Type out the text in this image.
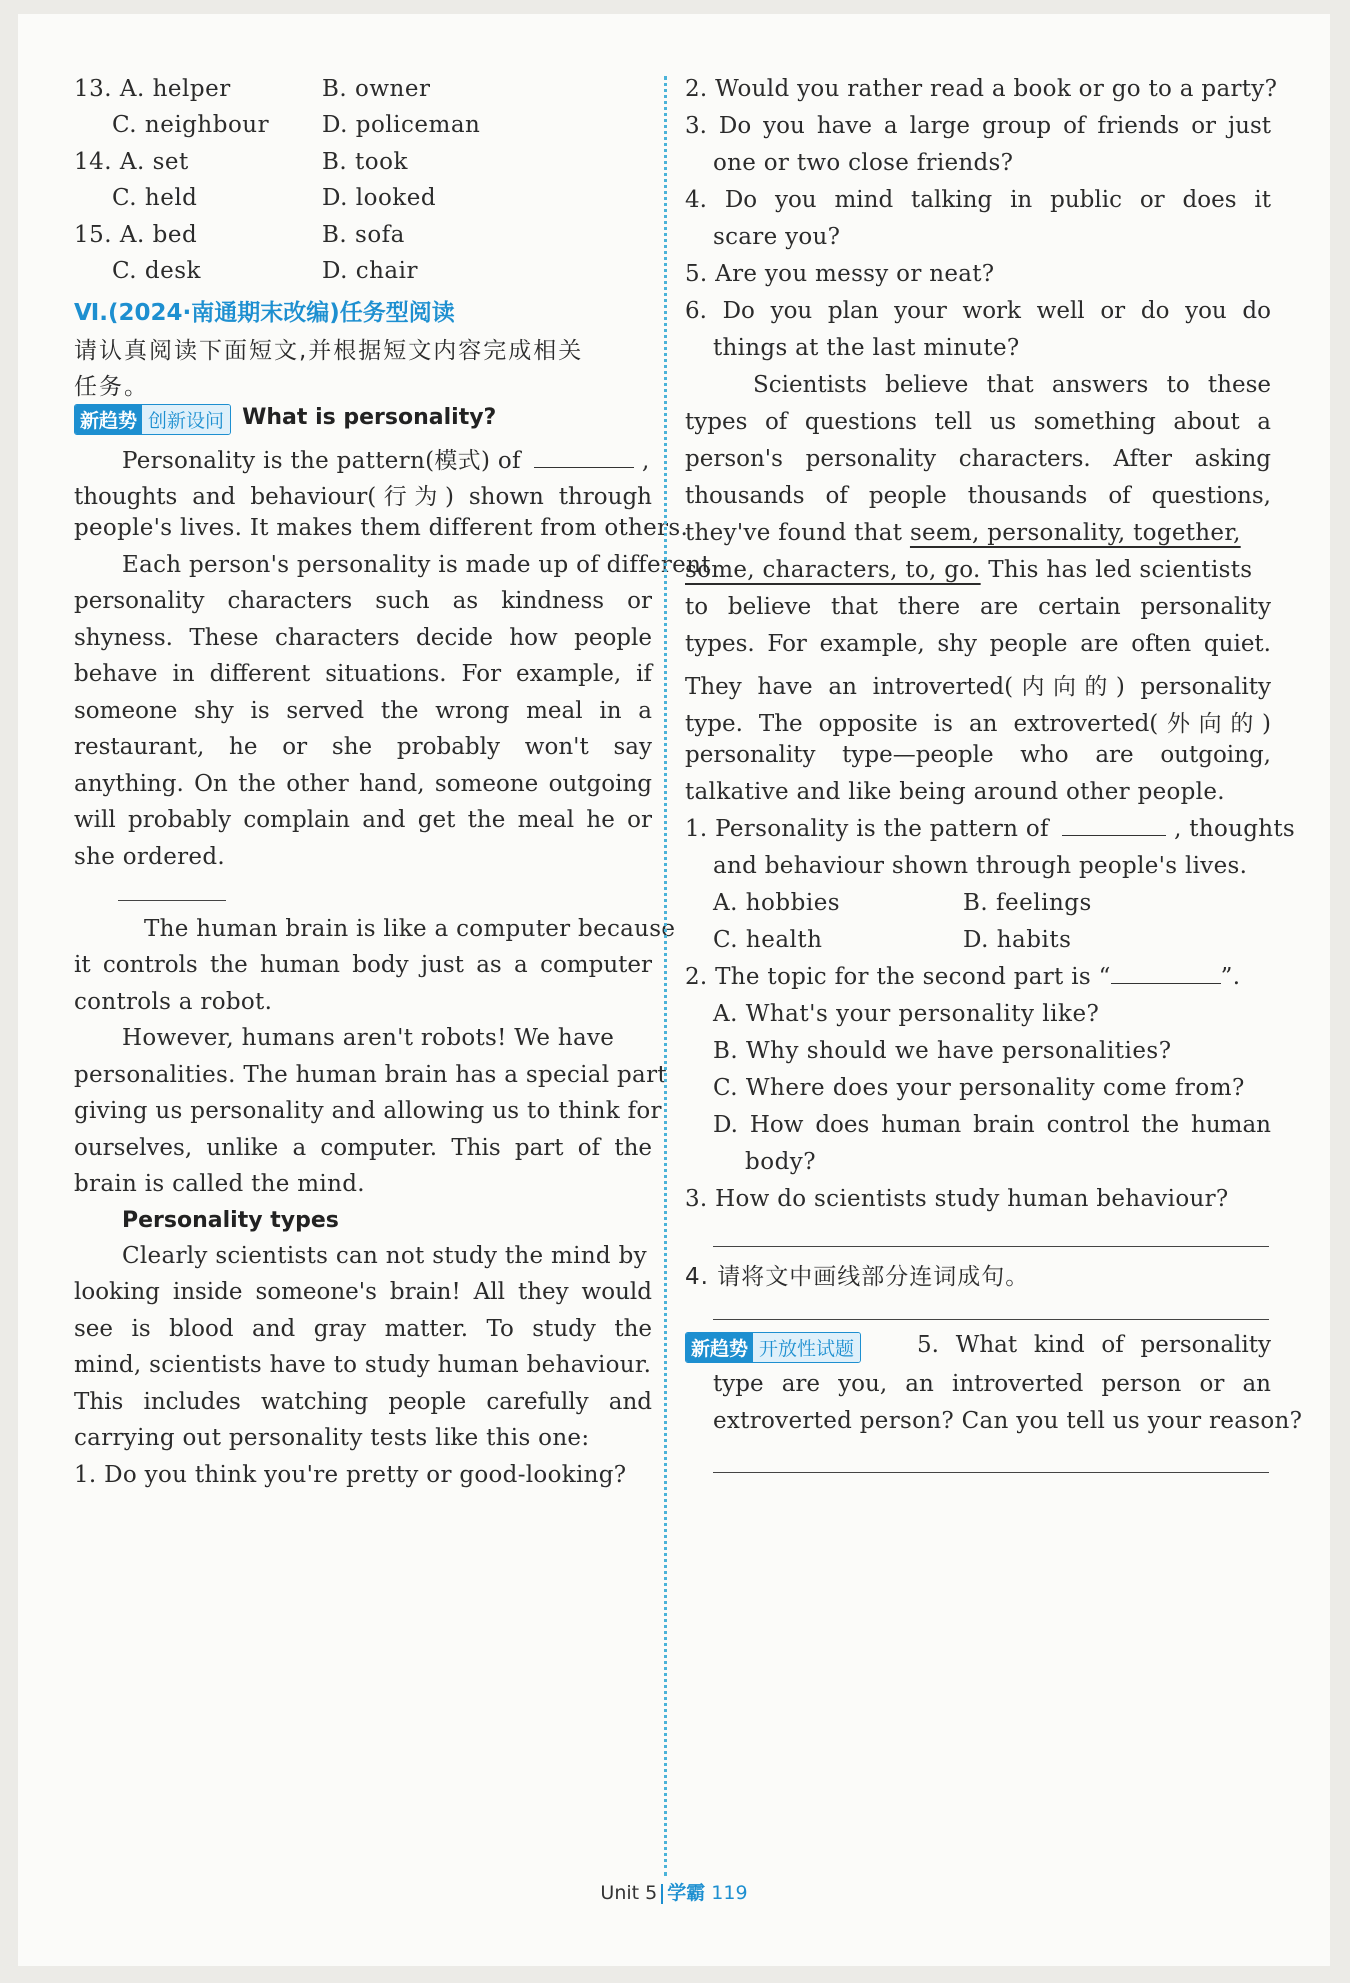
13. A. helper	B. owner
C. neighbour D. policeman
14. A. set	B. took
C. held	D. looked
15. A. bed	B. sofa
C. desk	D. chair
Ⅵ.(2024·南通期末改编)任务型阅读
请认真阅读下面短文,并根据短文内容完成相关
任务。
新趋势 创新设问 What is personality?
Personality is the pattern(模式) of	,
thoughts and behaviour(行为) shown through
people's lives. It makes them different from others.
Each person's personality is made up of different
personality characters such as kindness or
shyness. These characters decide how people
behave in different situations. For example, if
someone shy is served the wrong meal in a
restaurant, he or she probably won't say
anything. On the other hand, someone outgoing
will probably complain and get the meal he or
she ordered.
The human brain is like a computer because
it controls the human body just as a computer
controls a robot.
However, humans aren't robots! We have
personalities. The human brain has a special part
giving us personality and allowing us to think for
ourselves, unlike a computer. This part of the
brain is called the mind.
Personality types
Clearly scientists can not study the mind by
looking inside someone's brain! All they would
see is blood and gray matter. To study the
mind, scientists have to study human behaviour.
This includes watching people carefully and
carrying out personality tests like this one:
1. Do you think you're pretty or good-looking?
2. Would you rather read a book or go to a party?
3. Do you have a large group of friends or just
one or two close friends?
4. Do you mind talking in public or does it
scare you?
5. Are you messy or neat?
6. Do you plan your work well or do you do
things at the last minute?
Scientists believe that answers to these
types of questions tell us something about a
person's personality characters. After asking
thousands of people thousands of questions,
they've found that seem, personality, together,
some, characters, to, go. This has led scientists
to believe that there are certain personality
types. For example, shy people are often quiet.
They have an introverted(内向的) personality
type. The opposite is an extroverted(外向的)
personality type—people who are outgoing,
talkative and like being around other people.
1. Personality is the pattern of	, thoughts
and behaviour shown through people's lives.
A. hobbies	B. feelings
C. health	D. habits
2. The topic for the second part is “	”.
A. What's your personality like?
B. Why should we have personalities?
C. Where does your personality come from?
D. How does human brain control the human
body?
3. How do scientists study human behaviour?
4. 请将文中画线部分连词成句。
新趋势 开放性试题	5. What kind of personality
type are you, an introverted person or an
extroverted person? Can you tell us your reason?
Unit 5 学霸 119
